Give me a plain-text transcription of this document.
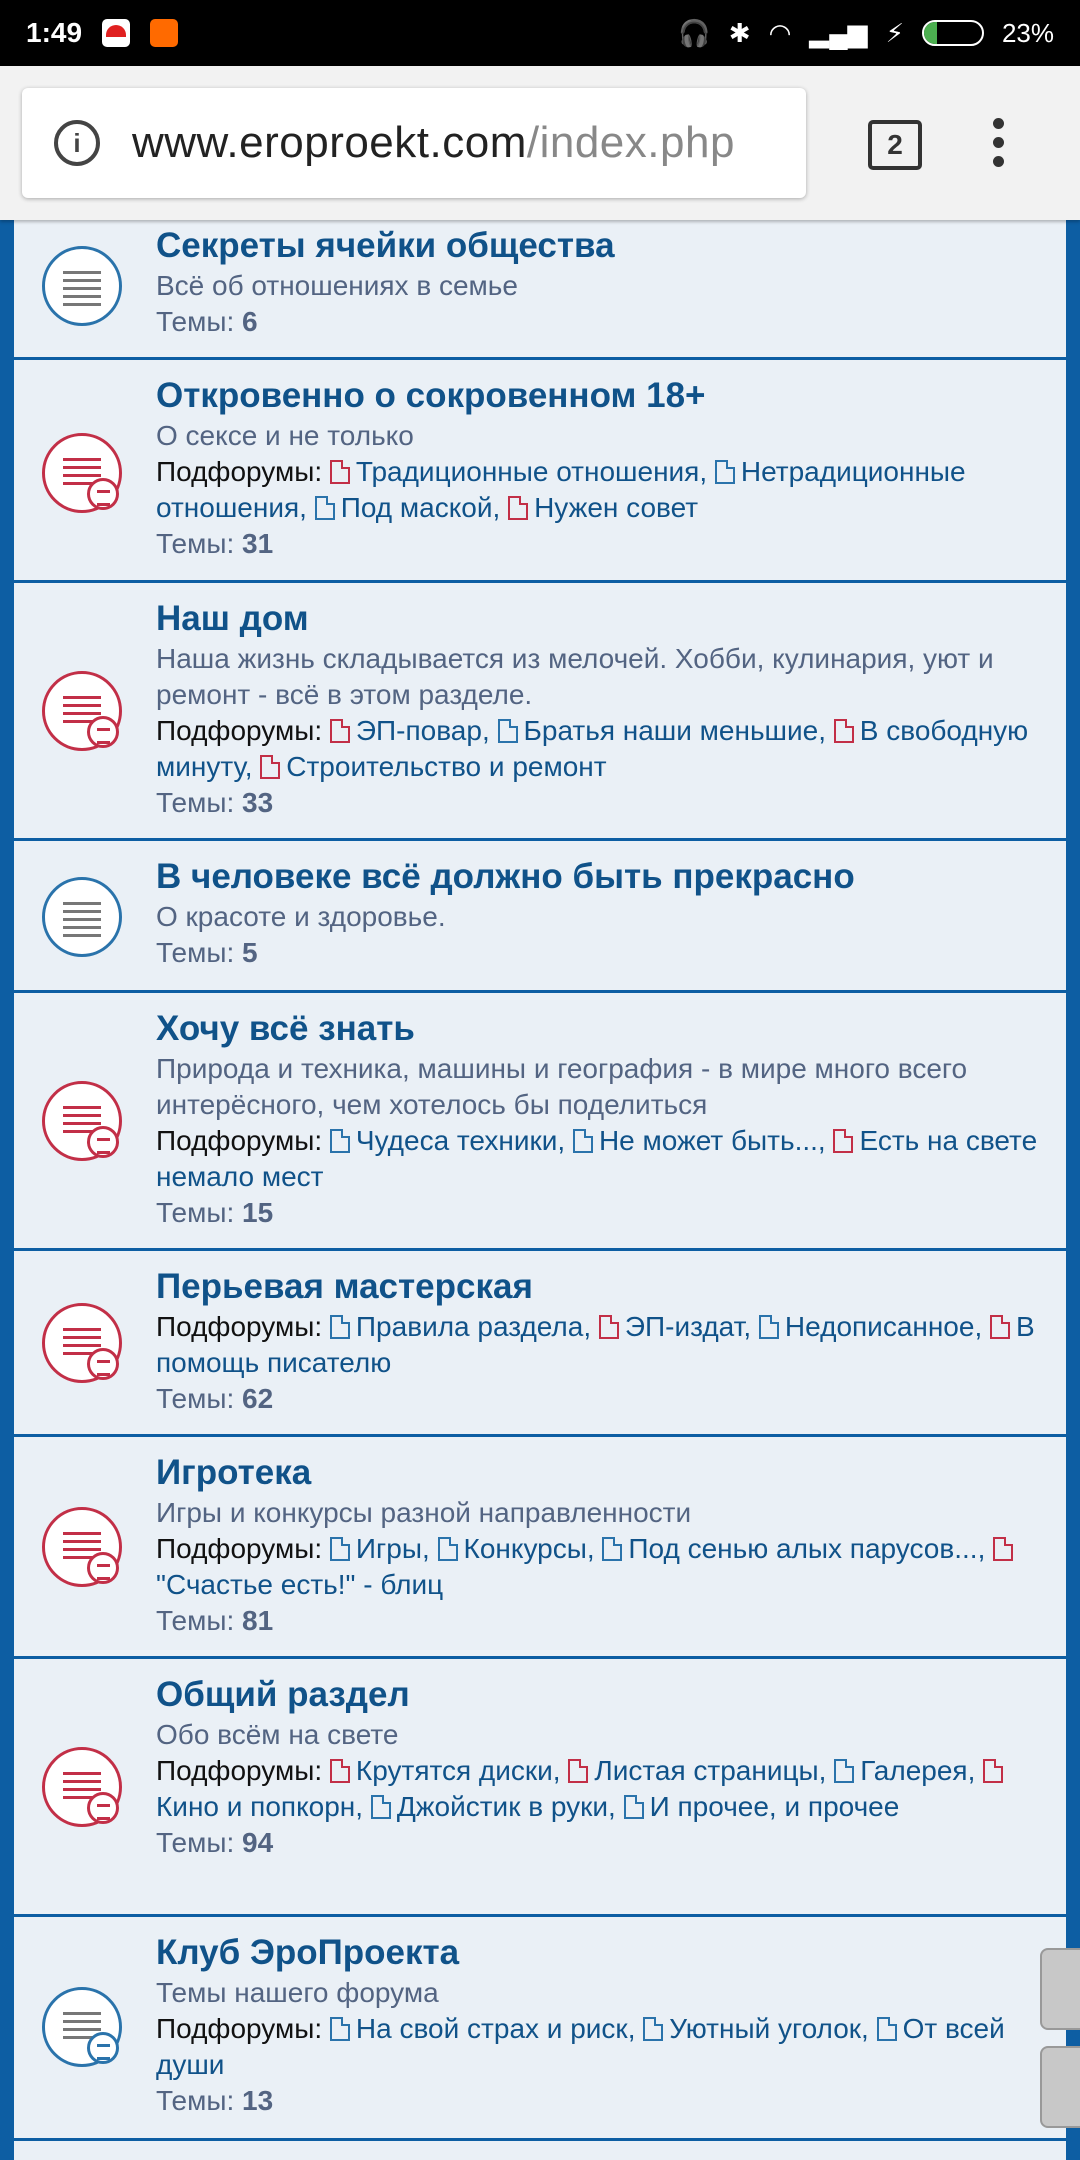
1:49	🎧 ✱ ◠ ▂▄▆ ⚡	23%
i	www.eroproekt.com/index.php	2
Секреты ячейки общества
Всё об отношениях в семье
Темы: 6
Откровенно о сокровенном 18+
О сексе и не только
Подфорумы: Традиционные отношения, Нетрадиционные отношения, Под маской, Нужен совет
Темы: 31
Наш дом
Наша жизнь складывается из мелочей. Хобби, кулинария, уют и ремонт - всё в этом разделе.
Подфорумы: ЭП-повар, Братья наши меньшие, В свободную минуту, Строительство и ремонт
Темы: 33
В человеке всё должно быть прекрасно
О красоте и здоровье.
Темы: 5
Хочу всё знать
Природа и техника, машины и география - в мире много всего интерёсного, чем хотелось бы поделиться
Подфорумы: Чудеса техники, Не может быть..., Есть на свете немало мест
Темы: 15
Перьевая мастерская
Подфорумы: Правила раздела, ЭП-издат, Недописанное, В помощь писателю
Темы: 62
Игротека
Игры и конкурсы разной направленности
Подфорумы: Игры, Конкурсы, Под сенью алых парусов..., "Счастье есть!" - блиц
Темы: 81
Общий раздел
Обо всём на свете
Подфорумы: Крутятся диски, Листая страницы, Галерея, Кино и попкорн, Джойстик в руки, И прочее, и прочее
Темы: 94
Клуб ЭроПроекта
Темы нашего форума
Подфорумы: На свой страх и риск, Уютный уголок, От всей души
Темы: 13
